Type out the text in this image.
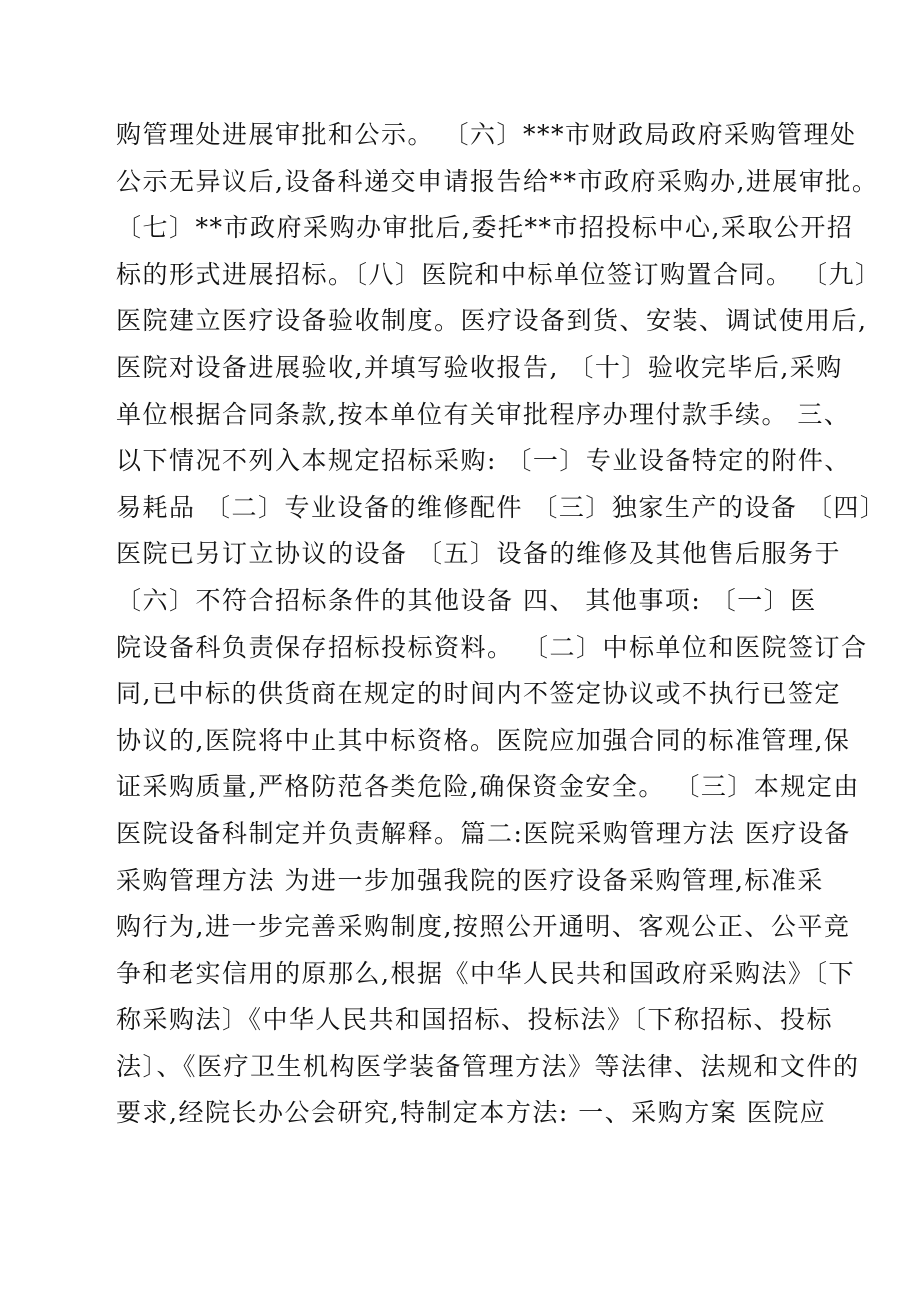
购管理处进展审批和公示。 〔六〕***市财政局政府采购管理处
公示无异议后,设备科递交申请报告给**市政府采购办,进展审批。
〔七〕**市政府采购办审批后,委托**市招投标中心,采取公开招
标的形式进展招标。〔八〕医院和中标单位签订购置合同。 〔九〕
医院建立医疗设备验收制度。医疗设备到货、安装、调试使用后,
医院对设备进展验收,并填写验收报告, 〔十〕验收完毕后,采购
单位根据合同条款,按本单位有关审批程序办理付款手续。 三、
以下情况不列入本规定招标采购: 〔一〕专业设备特定的附件、
易耗品 〔二〕专业设备的维修配件 〔三〕独家生产的设备 〔四〕
医院已另订立协议的设备 〔五〕设备的维修及其他售后服务于
〔六〕不符合招标条件的其他设备 四、 其他事项: 〔一〕医
院设备科负责保存招标投标资料。 〔二〕中标单位和医院签订合
同,已中标的供货商在规定的时间内不签定协议或不执行已签定
协议的,医院将中止其中标资格。医院应加强合同的标准管理,保
证采购质量,严格防范各类危险,确保资金安全。 〔三〕本规定由
医院设备科制定并负责解释。篇二:医院采购管理方法 医疗设备
采购管理方法 为进一步加强我院的医疗设备采购管理,标准采
购行为,进一步完善采购制度,按照公开通明、客观公正、公平竞
争和老实信用的原那么,根据《中华人民共和国政府采购法》〔下
称采购法〕《中华人民共和国招标、投标法》〔下称招标、投标
法〕、《医疗卫生机构医学装备管理方法》等法律、法规和文件的
要求,经院长办公会研究,特制定本方法: 一、采购方案 医院应
